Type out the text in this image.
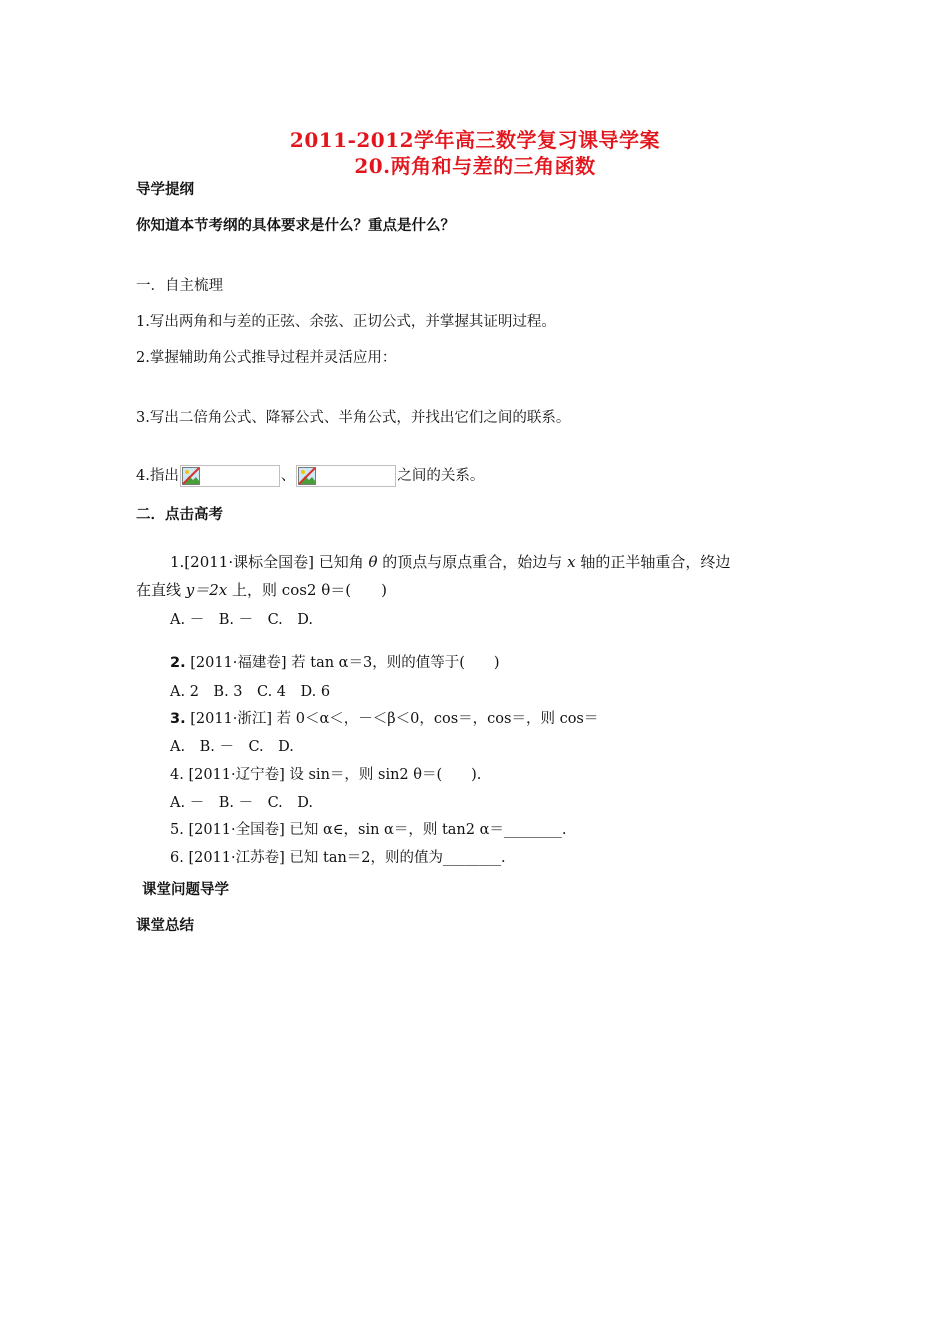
2011-2012学年高三数学复习课导学案
20.两角和与差的三角函数
导学提纲
你知道本节考纲的具体要求是什么？重点是什么？
一．自主梳理
1.写出两角和与差的正弦、余弦、正切公式，并掌握其证明过程。
2.掌握辅助角公式推导过程并灵活应用：
3.写出二倍角公式、降幂公式、半角公式，并找出它们之间的联系。
4.指出	、	之间的关系。
二．点击高考
1.[2011·课标全国卷] 已知角 θ 的顶点与原点重合，始边与 x 轴的正半轴重合，终边
在直线 y＝2x 上，则 cos2 θ＝(　　)
A. －　B. －　C.　D.
2. [2011·福建卷] 若 tan α＝3，则的值等于(　　)
A. 2　B. 3　C. 4　D. 6
3. [2011·浙江] 若 0＜α＜，－＜β＜0，cos＝，cos＝，则 cos＝
A.　B. －　C.　D.
4. [2011·辽宁卷] 设 sin＝，则 sin2 θ＝(　　).
A. －　B. －　C.　D.
5. [2011·全国卷] 已知 α∈，sin α＝，则 tan2 α＝________.
6. [2011·江苏卷] 已知 tan＝2，则的值为________.
课堂问题导学
课堂总结
